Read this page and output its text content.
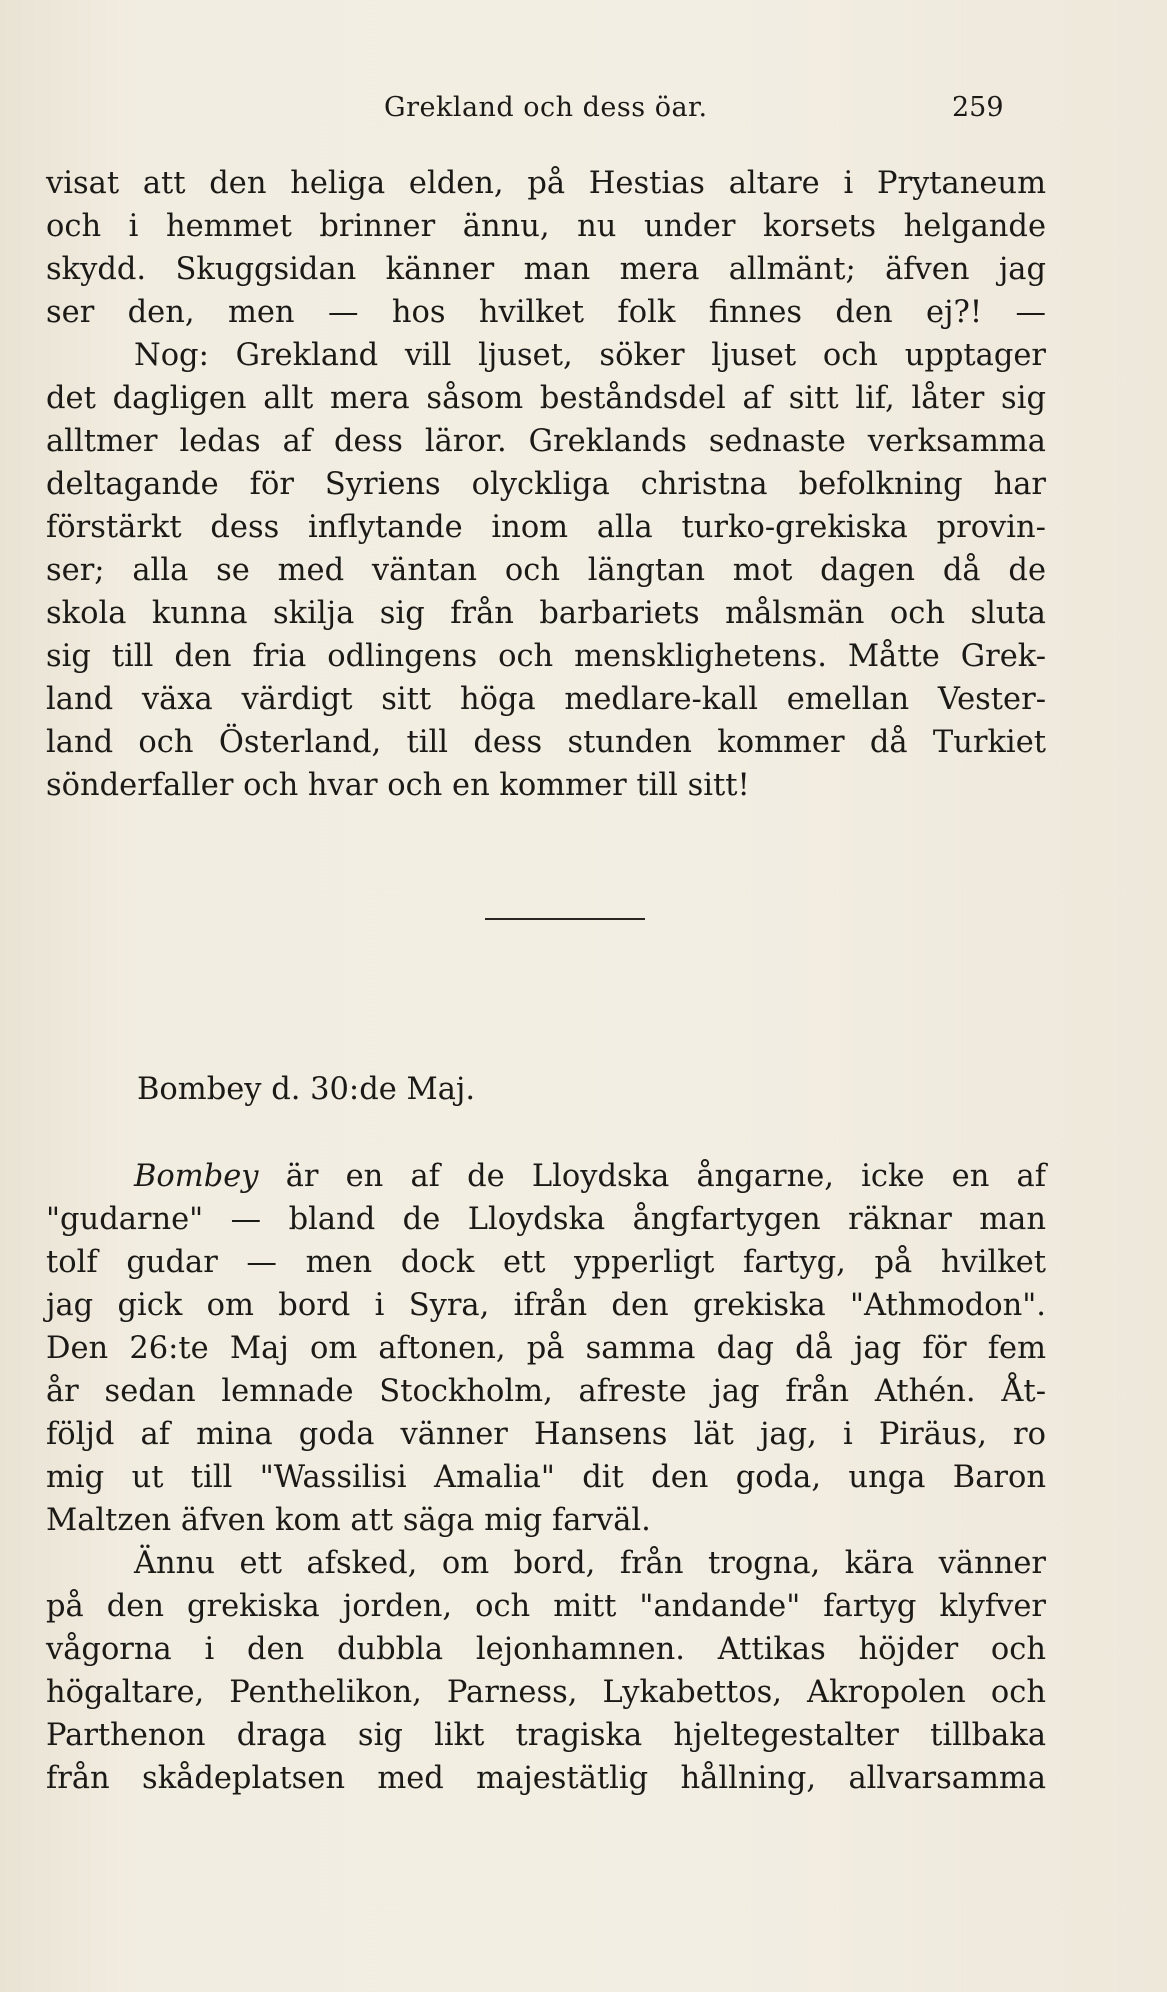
Grekland och dess öar.	259
visat att den heliga elden, på Hestias altare i Prytaneum
och i hemmet brinner ännu, nu under korsets helgande
skydd. Skuggsidan känner man mera allmänt; äfven jag
ser den, men — hos hvilket folk finnes den ej?! —
Nog: Grekland vill ljuset, söker ljuset och upptager
det dagligen allt mera såsom beståndsdel af sitt lif, låter sig
alltmer ledas af dess läror. Greklands sednaste verksamma
deltagande för Syriens olyckliga christna befolkning har
förstärkt dess inflytande inom alla turko-grekiska provin-
ser; alla se med väntan och längtan mot dagen då de
skola kunna skilja sig från barbariets målsmän och sluta
sig till den fria odlingens och mensklighetens. Måtte Grek-
land växa värdigt sitt höga medlare-kall emellan Vester-
land och Österland, till dess stunden kommer då Turkiet
sönderfaller och hvar och en kommer till sitt!
Bombey d. 30:de Maj.
Bombey är en af de Lloydska ångarne, icke en af
"gudarne" — bland de Lloydska ångfartygen räknar man
tolf gudar — men dock ett ypperligt fartyg, på hvilket
jag gick om bord i Syra, ifrån den grekiska "Athmodon".
Den 26:te Maj om aftonen, på samma dag då jag för fem
år sedan lemnade Stockholm, afreste jag från Athén. Åt-
följd af mina goda vänner Hansens lät jag, i Piräus, ro
mig ut till "Wassilisi Amalia" dit den goda, unga Baron
Maltzen äfven kom att säga mig farväl.
Ännu ett afsked, om bord, från trogna, kära vänner
på den grekiska jorden, och mitt "andande" fartyg klyfver
vågorna i den dubbla lejonhamnen. Attikas höjder och
högaltare, Penthelikon, Parness, Lykabettos, Akropolen och
Parthenon draga sig likt tragiska hjeltegestalter tillbaka
från skådeplatsen med majestätlig hållning, allvarsamma
